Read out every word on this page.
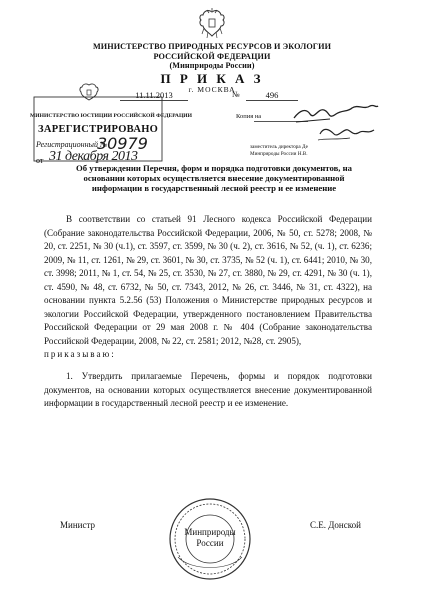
МИНИСТЕРСТВО ПРИРОДНЫХ РЕСУРСОВ И ЭКОЛОГИИ
РОССИЙСКОЙ ФЕДЕРАЦИИ
(Минприроды России)
П Р И К А З
г. МОСКВА
11.11.2013	№	496
МИНИСТЕРСТВО ЮСТИЦИИ РОССИЙСКОЙ ФЕДЕРАЦИИ
ЗАРЕГИСТРИРОВАНО
Регистрационный №
30979
от 31 декабря 2013
Копия на
заместитель директора Де
Минприроды России Н.В.
Об утверждении Перечня, форм и порядка подготовки документов, на
основании которых осуществляется внесение документированной
информации в государственный лесной реестр и ее изменение

В соответствии со статьей 91 Лесного кодекса Российской Федерации (Собрание законодательства Российской Федерации, 2006, № 50, ст. 5278; 2008, № 20, ст. 2251, № 30 (ч.1), ст. 3597, ст. 3599, № 30 (ч. 2), ст. 3616, № 52, (ч. 1), ст. 6236; 2009, № 11, ст. 1261, № 29, ст. 3601, № 30, ст. 3735, № 52 (ч. 1), ст. 6441; 2010, № 30, ст. 3998; 2011, № 1, ст. 54, № 25, ст. 3530, № 27, ст. 3880, № 29, ст. 4291, № 30 (ч. 1), ст. 4590, № 48, ст. 6732, № 50, ст. 7343, 2012, № 26, ст. 3446, № 31, ст. 4322), на основании пункта 5.2.56 (53) Положения о Министерстве природных ресурсов и экологии Российской Федерации, утвержденного постановлением Правительства Российской Федерации от 29 мая 2008 г. № 404 (Собрание законодательства Российской Федерации, 2008, № 22, ст. 2581; 2012, №28, ст. 2905),

приказываю:

1. Утвердить прилагаемые Перечень, формы и порядок подготовки документов, на основании которых осуществляется внесение документированной информации в государственный лесной реестр и ее изменение.

Министр	С.Е. Донской
Минприроды
России
